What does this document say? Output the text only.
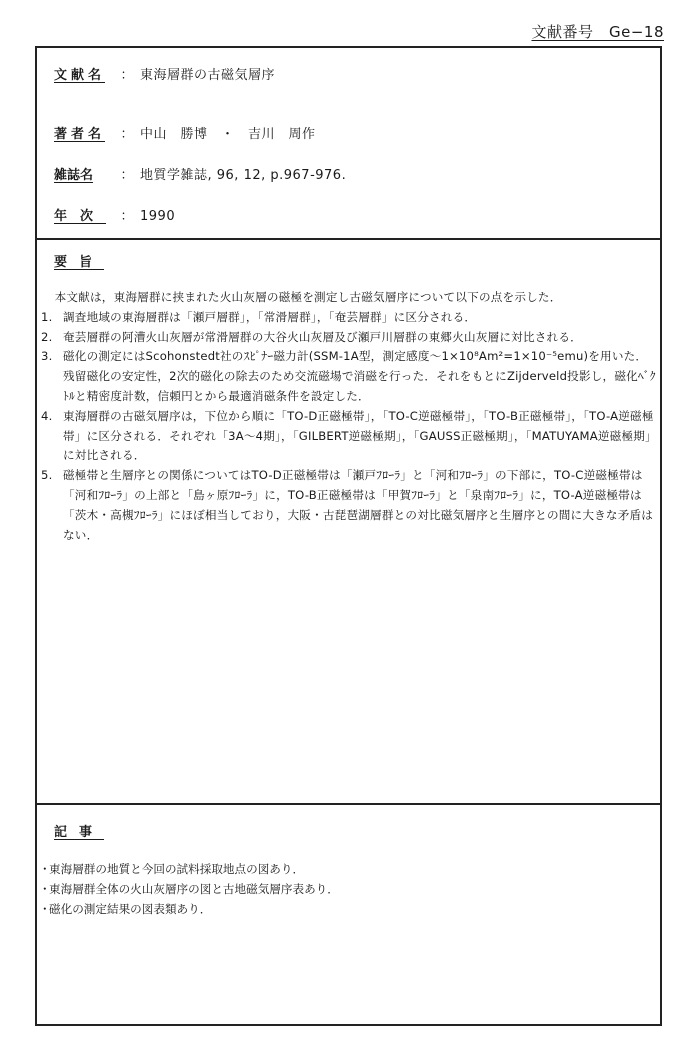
文献番号　Ge−18
文献名	： 東海層群の古磁気層序
著者名	： 中山　勝博　・　吉川　周作
雑誌名	： 地質学雑誌, 96, 12, p.967-976.
年次	： 1990
要旨

本文献は，東海層群に挟まれた火山灰層の磁極を測定し古磁気層序について以下の点を示した．

1. 調査地域の東海層群は「瀬戸層群」，「常滑層群」，「奄芸層群」に区分される．
2. 奄芸層群の阿漕火山灰層が常滑層群の大谷火山灰層及び瀬戸川層群の東郷火山灰層に対比される．
3. 磁化の測定にはScohonstedt社のｽﾋﾟﾅｰ磁力計(SSM-1A型，測定感度〜1×10⁸Am²=1×10⁻⁵emu)を用いた．残留磁化の安定性，2次的磁化の除去のため交流磁場で消磁を行った．それをもとにZijderveld投影し，磁化ﾍﾞｸﾄﾙと精密度計数，信頼円とから最適消磁条件を設定した．
4. 東海層群の古磁気層序は，下位から順に「TO-D正磁極帯」，「TO-C逆磁極帯」，「TO-B正磁極帯」，「TO-A逆磁極帯」に区分される．それぞれ「3A〜4期」，「GILBERT逆磁極期」，「GAUSS正磁極期」，「MATUYAMA逆磁極期」に対比される．
5. 磁極帯と生層序との関係についてはTO-D正磁極帯は「瀬戸ﾌﾛｰﾗ」と「河和ﾌﾛｰﾗ」の下部に，TO-C逆磁極帯は「河和ﾌﾛｰﾗ」の上部と「島ヶ原ﾌﾛｰﾗ」に，TO-B正磁極帯は「甲賀ﾌﾛｰﾗ」と「泉南ﾌﾛｰﾗ」に，TO-A逆磁極帯は「茨木・高槻ﾌﾛｰﾗ」にほぼ相当しており，大阪・古琵琶湖層群との対比磁気層序と生層序との間に大きな矛盾はない．
記事
・
東海層群の地質と今回の試料採取地点の図あり．
・
東海層群全体の火山灰層序の図と古地磁気層序表あり．
・
磁化の測定結果の図表類あり．
